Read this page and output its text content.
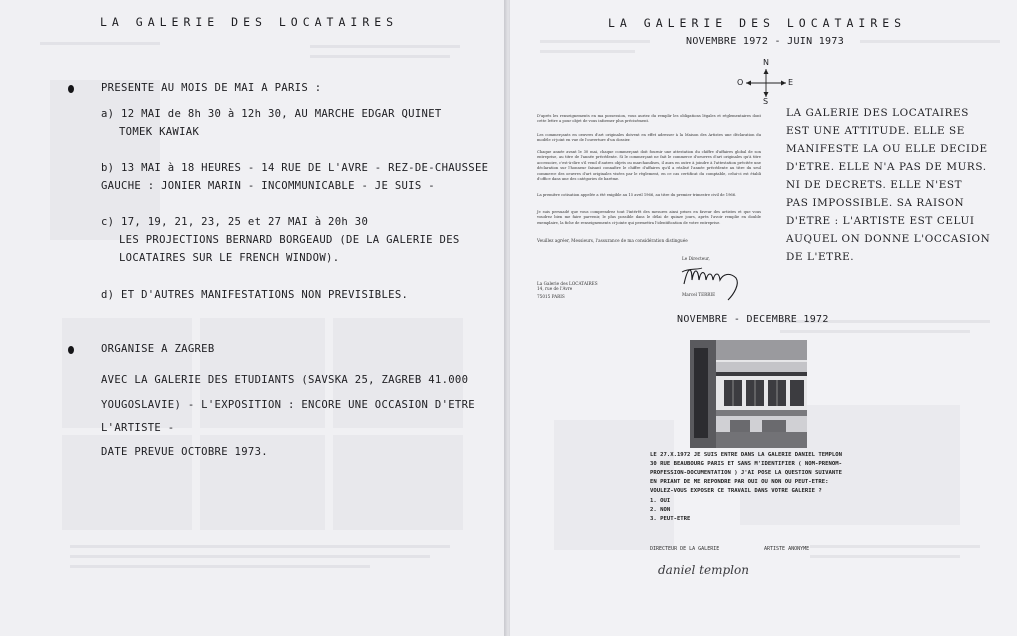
LA GALERIE DES LOCATAIRES
PRESENTE AU MOIS DE MAI A PARIS :
a) 12 MAI de 8h 30 à 12h 30, AU MARCHE EDGAR QUINET
TOMEK KAWIAK
b) 13 MAI à 18 HEURES - 14 RUE DE L'AVRE - REZ-DE-CHAUSSEE
GAUCHE : JONIER MARIN - INCOMMUNICABLE - JE SUIS -
c) 17, 19, 21, 23, 25 et 27 MAI à 20h 30
LES PROJECTIONS BERNARD BORGEAUD (DE LA GALERIE DES
LOCATAIRES SUR LE FRENCH WINDOW).
d) ET D'AUTRES MANIFESTATIONS NON PREVISIBLES.
ORGANISE A ZAGREB
AVEC LA GALERIE DES ETUDIANTS (SAVSKA 25, ZAGREB 41.000
YOUGOSLAVIE) - L'EXPOSITION : ENCORE UNE OCCASION D'ETRE
L'ARTISTE -
DATE PREVUE OCTOBRE 1973.
LA GALERIE DES LOCATAIRES
NOVEMBRE 1972 - JUIN 1973
N
S
E
O
D'après les renseignements en ma possession, vous auriez du remplir les obligations légales et réglementaires dont cette lettre a pour objet de vous informer plus précisément.
Les commerçants en oeuvres d'art originales doivent en effet adresser à la Maison des Artistes une déclaration du modèle ci-joint en vue de l'ouverture d'un dossier.
Chaque année avant le 30 mai, chaque commerçant doit fournir une attestation du chiffre d'affaires global de son entreprise, au titre de l'année précédente. Si le commerçant ne fait le commerce d'oeuvres d'art originales qu'à titre accessoire, c'est-à-dire s'il vend d'autres objets ou marchandises, il aura en outre à joindre à l'attestation précitée une déclaration sur l'honneur faisant connaître le chiffre d'affaires qu'il a réalisé l'année précédente au titre du seul commerce des oeuvres d'art originales visées par le règlement, en ce cas certificat du comptable, celui-ci est établi d'office dans une des catégories de barème.
La première cotisation appelée a été exigible au 15 avril 1966, au titre du premier trimestre civil de 1966.
Je suis persuadé que vous comprendrez tout l'intérêt des mesures ainsi prises en faveur des artistes et que vous voudrez bien me faire parvenir, le plus possible dans le délai de quinze jours, après l'avoir remplie en double exemplaire, la fiche de renseignements ci-jointe qui permettra l'identification de votre entreprise.
Veuillez agréer, Messieurs, l'assurance de ma considération distinguée
La Galerie des LOCATAIRES
14, rue de l'Avre
75015 PARIS
Le Directeur,
Marcel TERRIE
LA GALERIE DES LOCATAIRES
EST UNE ATTITUDE. ELLE SE
MANIFESTE LA OU ELLE DECIDE
D'ETRE. ELLE N'A PAS DE MURS.
NI DE DECRETS. ELLE N'EST
PAS IMPOSSIBLE. SA RAISON
D'ETRE : L'ARTISTE EST CELUI
AUQUEL ON DONNE L'OCCASION
DE L'ETRE.
NOVEMBRE - DECEMBRE 1972
LE 27.X.1972 JE SUIS ENTRE DANS LA GALERIE DANIEL TEMPLON
30 RUE BEAUBOURG PARIS ET SANS M'IDENTIFIER ( NOM-PRENOM-
PROFESSION-DOCUMENTATION ) J'AI POSE LA QUESTION SUIVANTE
EN PRIANT DE ME REPONDRE PAR OUI OU NON OU PEUT-ETRE:
VOULEZ-VOUS EXPOSER CE TRAVAIL DANS VOTRE GALERIE ?
1. OUI
2. NON
3. PEUT-ETRE
DIRECTEUR DE LA GALERIE	ARTISTE ANONYME
daniel templon
